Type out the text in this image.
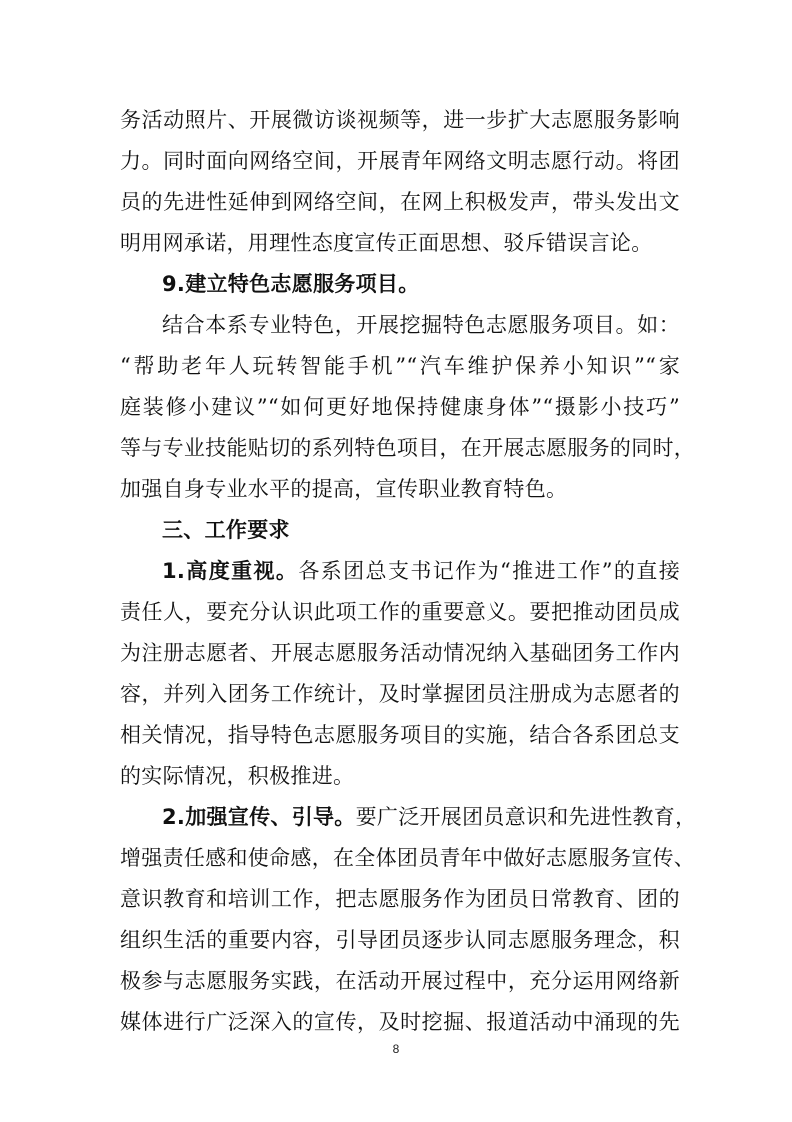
务活动照片、开展微访谈视频等，进一步扩大志愿服务影响
力。同时面向网络空间，开展青年网络文明志愿行动。将团
员的先进性延伸到网络空间，在网上积极发声，带头发出文
明用网承诺，用理性态度宣传正面思想、驳斥错误言论。
9.建立特色志愿服务项目。
结合本系专业特色，开展挖掘特色志愿服务项目。如：
“帮助老年人玩转智能手机”“汽车维护保养小知识”“家
庭装修小建议”“如何更好地保持健康身体”“摄影小技巧”
等与专业技能贴切的系列特色项目，在开展志愿服务的同时，
加强自身专业水平的提高，宣传职业教育特色。
三、工作要求
1.高度重视。各系团总支书记作为“推进工作”的直接
责任人，要充分认识此项工作的重要意义。要把推动团员成
为注册志愿者、开展志愿服务活动情况纳入基础团务工作内
容，并列入团务工作统计，及时掌握团员注册成为志愿者的
相关情况，指导特色志愿服务项目的实施，结合各系团总支
的实际情况，积极推进。
2.加强宣传、引导。要广泛开展团员意识和先进性教育，
增强责任感和使命感，在全体团员青年中做好志愿服务宣传、
意识教育和培训工作，把志愿服务作为团员日常教育、团的
组织生活的重要内容，引导团员逐步认同志愿服务理念，积
极参与志愿服务实践，在活动开展过程中，充分运用网络新
媒体进行广泛深入的宣传，及时挖掘、报道活动中涌现的先
8
